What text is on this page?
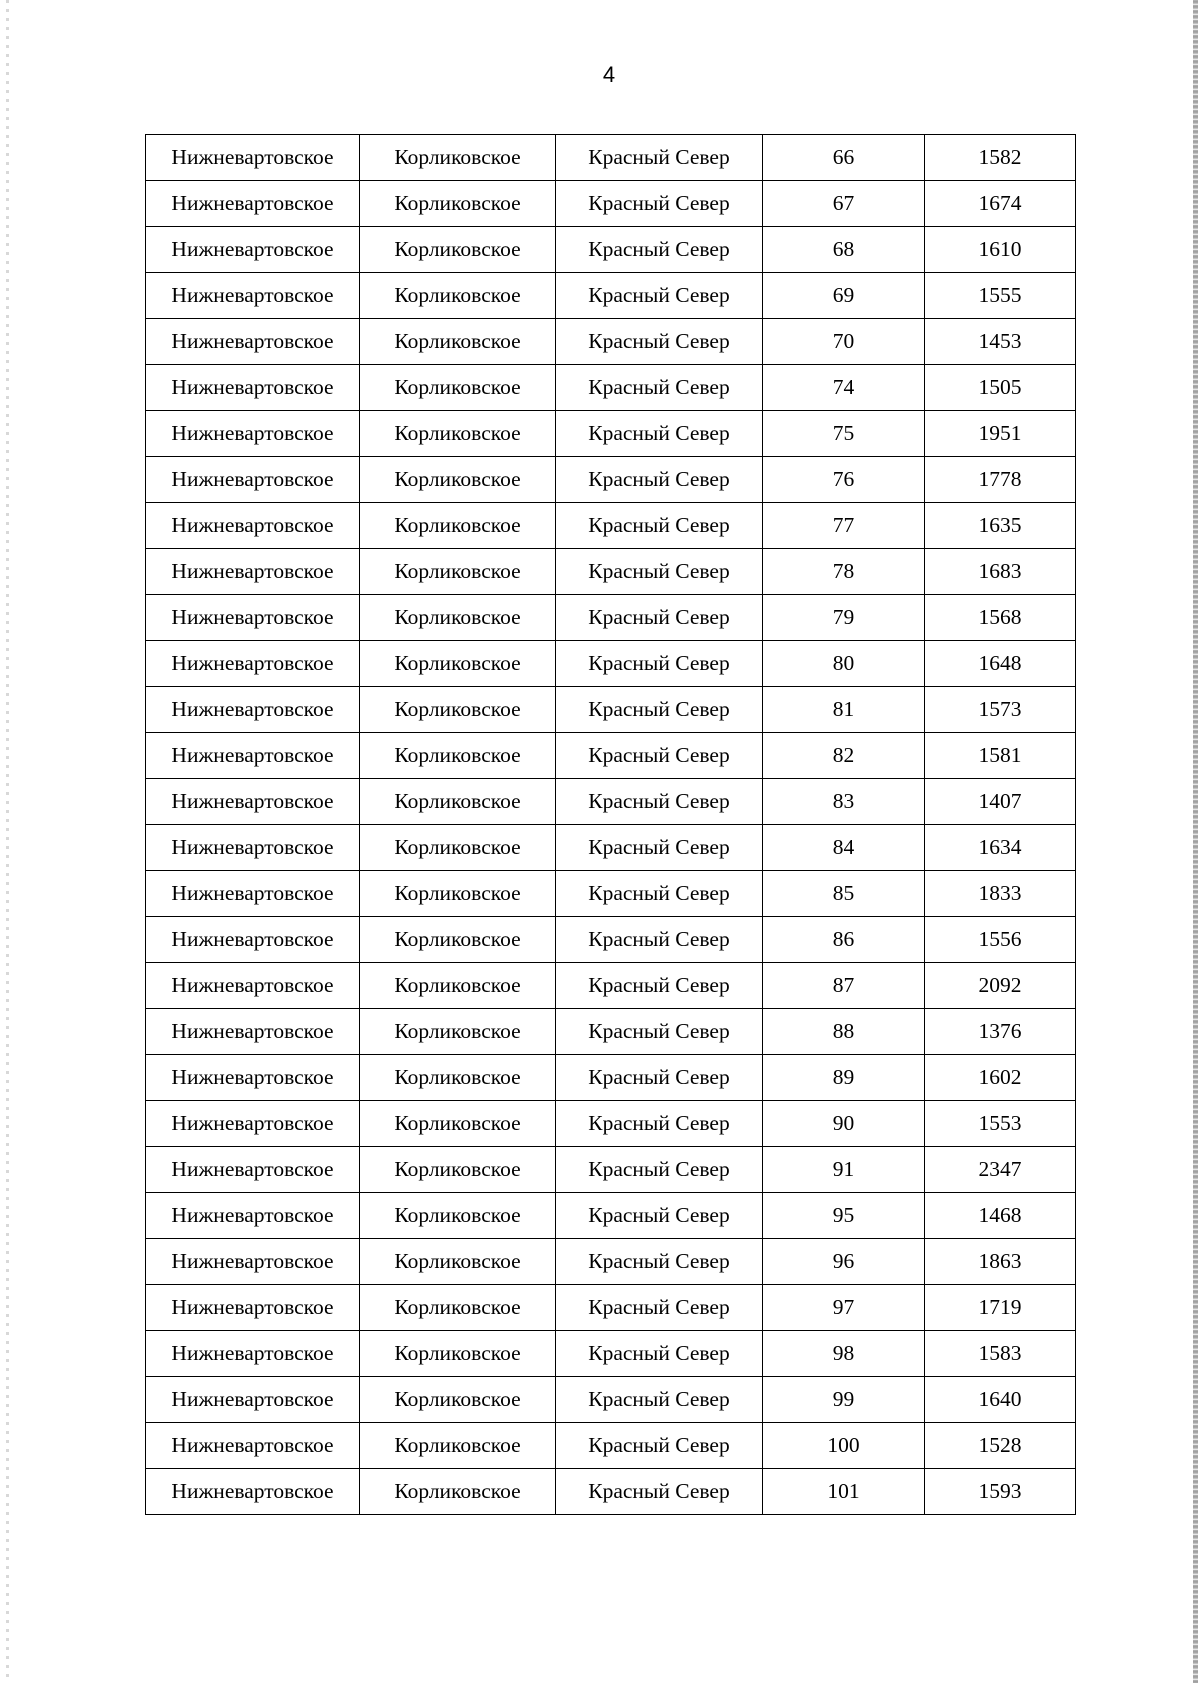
4
Нижневартовское	Корликовское	Красный Север	66	1582
Нижневартовское	Корликовское	Красный Север	67	1674
Нижневартовское	Корликовское	Красный Север	68	1610
Нижневартовское	Корликовское	Красный Север	69	1555
Нижневартовское	Корликовское	Красный Север	70	1453
Нижневартовское	Корликовское	Красный Север	74	1505
Нижневартовское	Корликовское	Красный Север	75	1951
Нижневартовское	Корликовское	Красный Север	76	1778
Нижневартовское	Корликовское	Красный Север	77	1635
Нижневартовское	Корликовское	Красный Север	78	1683
Нижневартовское	Корликовское	Красный Север	79	1568
Нижневартовское	Корликовское	Красный Север	80	1648
Нижневартовское	Корликовское	Красный Север	81	1573
Нижневартовское	Корликовское	Красный Север	82	1581
Нижневартовское	Корликовское	Красный Север	83	1407
Нижневартовское	Корликовское	Красный Север	84	1634
Нижневартовское	Корликовское	Красный Север	85	1833
Нижневартовское	Корликовское	Красный Север	86	1556
Нижневартовское	Корликовское	Красный Север	87	2092
Нижневартовское	Корликовское	Красный Север	88	1376
Нижневартовское	Корликовское	Красный Север	89	1602
Нижневартовское	Корликовское	Красный Север	90	1553
Нижневартовское	Корликовское	Красный Север	91	2347
Нижневартовское	Корликовское	Красный Север	95	1468
Нижневартовское	Корликовское	Красный Север	96	1863
Нижневартовское	Корликовское	Красный Север	97	1719
Нижневартовское	Корликовское	Красный Север	98	1583
Нижневартовское	Корликовское	Красный Север	99	1640
Нижневартовское	Корликовское	Красный Север	100	1528
Нижневартовское	Корликовское	Красный Север	101	1593
